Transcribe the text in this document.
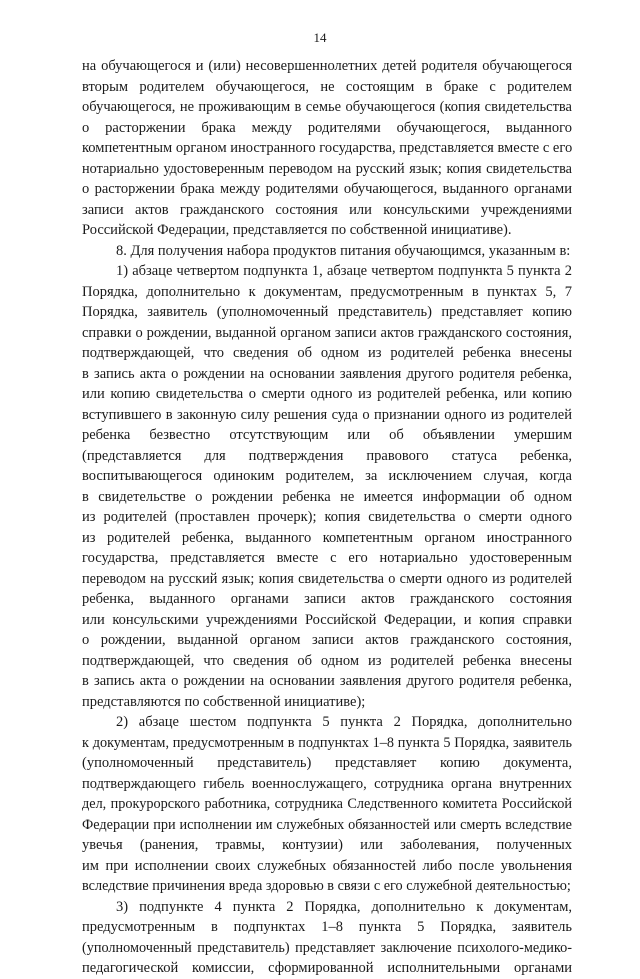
14
на обучающегося и (или) несовершеннолетних детей родителя обучающегося
вторым родителем обучающегося, не состоящим в браке с родителем
обучающегося, не проживающим в семье обучающегося (копия свидетельства
о расторжении брака между родителями обучающегося, выданного
компетентным органом иностранного государства, представляется вместе с его
нотариально удостоверенным переводом на русский язык; копия свидетельства
о расторжении брака между родителями обучающегося, выданного органами
записи актов гражданского состояния или консульскими учреждениями
Российской Федерации, представляется по собственной инициативе).
8. Для получения набора продуктов питания обучающимся, указанным в:
1) абзаце четвертом подпункта 1, абзаце четвертом подпункта 5 пункта 2
Порядка, дополнительно к документам, предусмотренным в пунктах 5, 7
Порядка, заявитель (уполномоченный представитель) представляет копию
справки о рождении, выданной органом записи актов гражданского состояния,
подтверждающей, что сведения об одном из родителей ребенка внесены
в запись акта о рождении на основании заявления другого родителя ребенка,
или копию свидетельства о смерти одного из родителей ребенка, или копию
вступившего в законную силу решения суда о признании одного из родителей
ребенка безвестно отсутствующим или об объявлении умершим
(представляется для подтверждения правового статуса ребенка,
воспитывающегося одиноким родителем, за исключением случая, когда
в свидетельстве о рождении ребенка не имеется информации об одном
из родителей (проставлен прочерк); копия свидетельства о смерти одного
из родителей ребенка, выданного компетентным органом иностранного
государства, представляется вместе с его нотариально удостоверенным
переводом на русский язык; копия свидетельства о смерти одного из родителей
ребенка, выданного органами записи актов гражданского состояния
или консульскими учреждениями Российской Федерации, и копия справки
о рождении, выданной органом записи актов гражданского состояния,
подтверждающей, что сведения об одном из родителей ребенка внесены
в запись акта о рождении на основании заявления другого родителя ребенка,
представляются по собственной инициативе);
2) абзаце шестом подпункта 5 пункта 2 Порядка, дополнительно
к документам, предусмотренным в подпунктах 1–8 пункта 5 Порядка, заявитель
(уполномоченный представитель) представляет копию документа,
подтверждающего гибель военнослужащего, сотрудника органа внутренних
дел, прокурорского работника, сотрудника Следственного комитета Российской
Федерации при исполнении им служебных обязанностей или смерть вследствие
увечья (ранения, травмы, контузии) или заболевания, полученных
им при исполнении своих служебных обязанностей либо после увольнения
вследствие причинения вреда здоровью в связи с его служебной деятельностью;
3) подпункте 4 пункта 2 Порядка, дополнительно к документам,
предусмотренным в подпунктах 1–8 пункта 5 Порядка, заявитель
(уполномоченный представитель) представляет заключение психолого-медико-
педагогической комиссии, сформированной исполнительными органами
